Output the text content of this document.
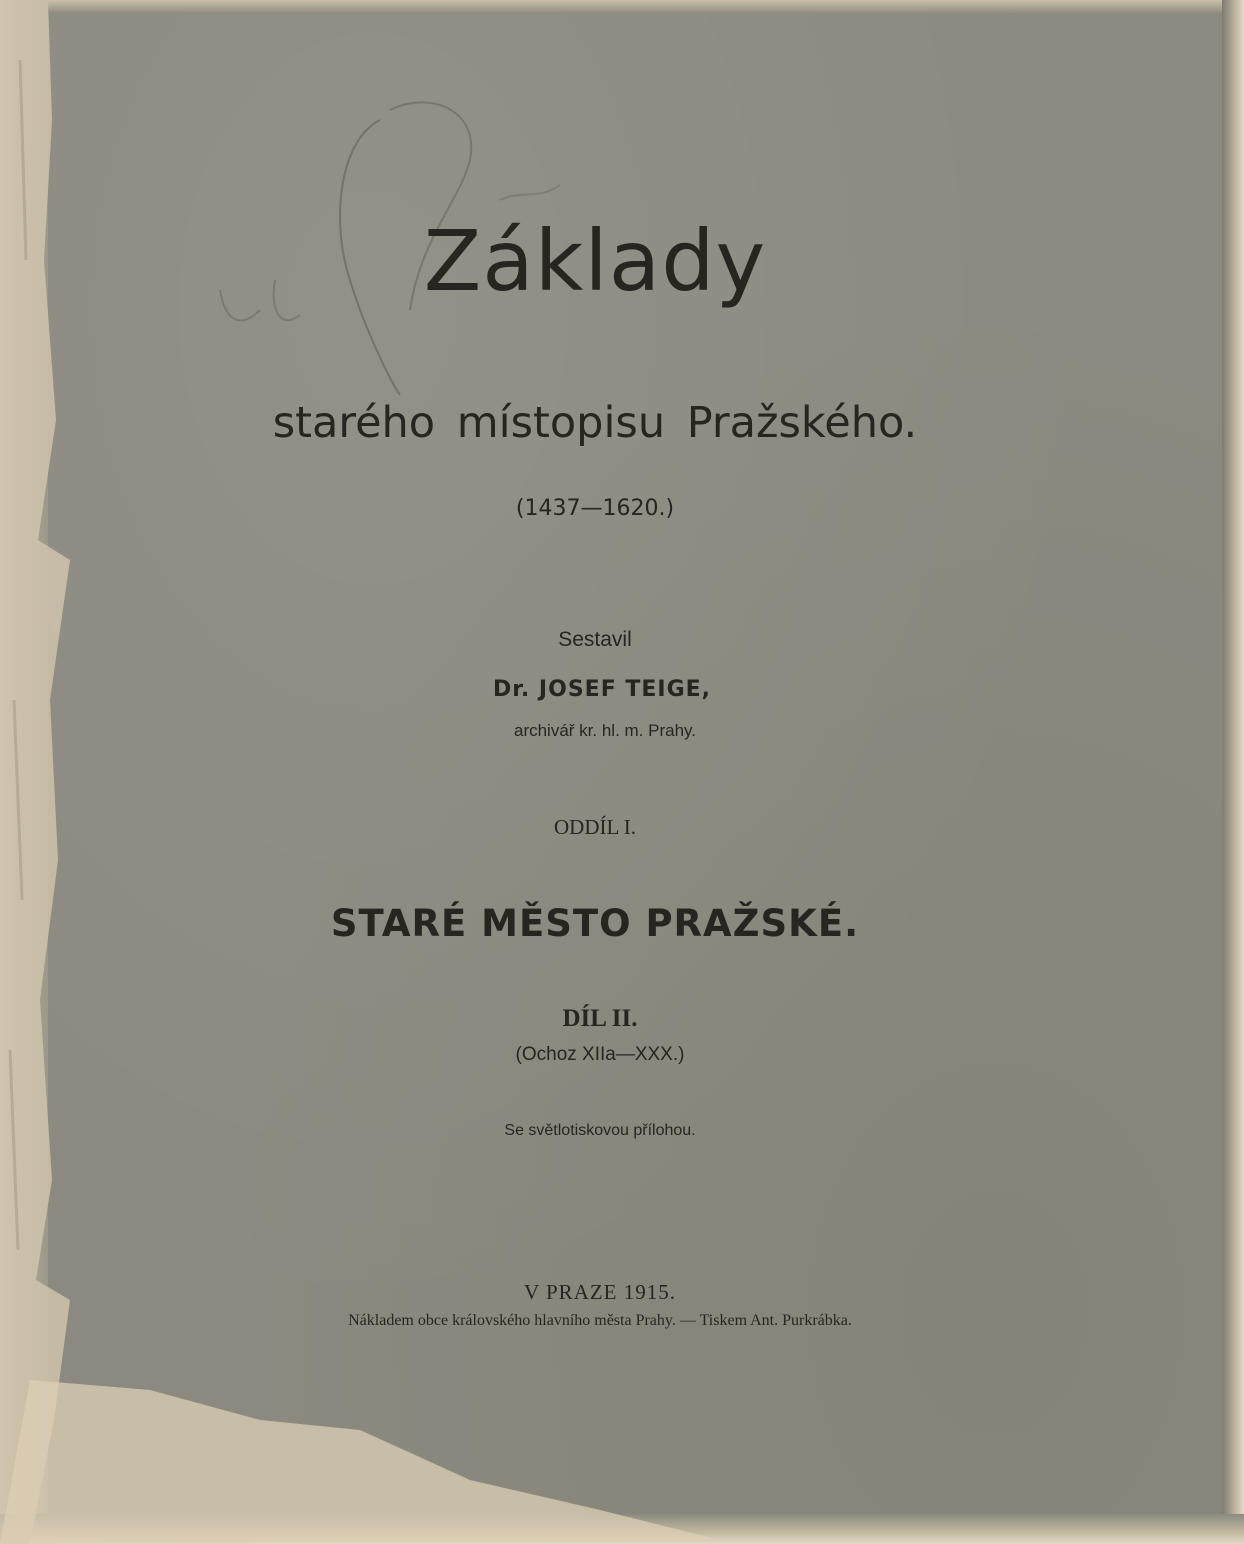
Základy
starého místopisu Pražského.
(1437—1620.)
Sestavil
Dr. JOSEF TEIGE,
archivář kr. hl. m. Prahy.
ODDÍL I.
STARÉ MĚSTO PRAŽSKÉ.
DÍL II.
(Ochoz XIIa—XXX.)
Se světlotiskovou přílohou.
V PRAZE 1915.
Nákladem obce královského hlavního města Prahy. — Tiskem Ant. Purkrábka.
